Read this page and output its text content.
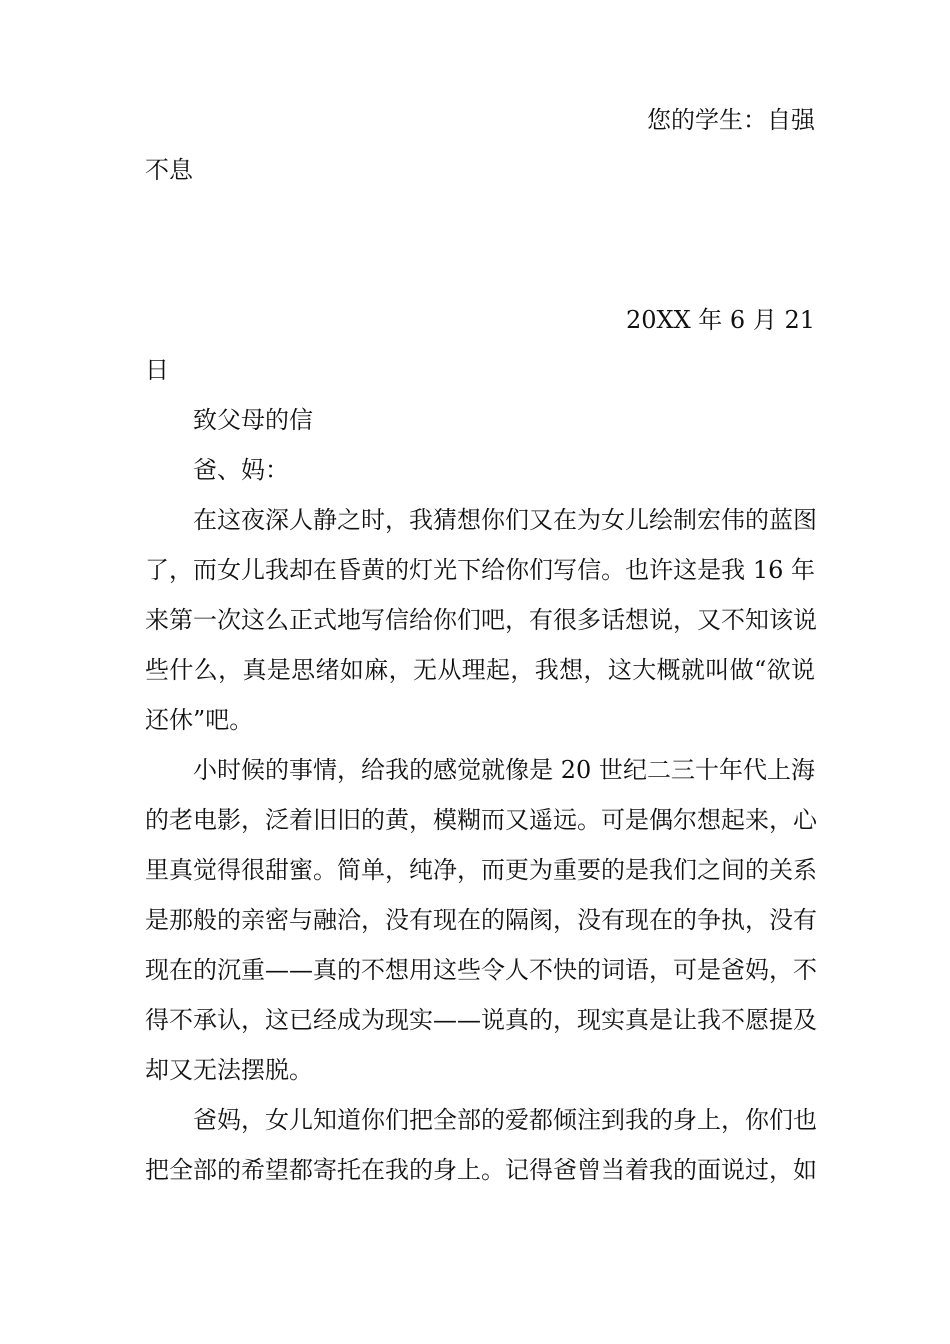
您的学生：自强
不息
20XX 年 6 月 21
日
致父母的信
爸、妈：
在这夜深人静之时，我猜想你们又在为女儿绘制宏伟的蓝图
了，而女儿我却在昏黄的灯光下给你们写信。也许这是我 16 年
来第一次这么正式地写信给你们吧，有很多话想说，又不知该说
些什么，真是思绪如麻，无从理起，我想，这大概就叫做“欲说
还休”吧。
小时候的事情，给我的感觉就像是 20 世纪二三十年代上海
的老电影，泛着旧旧的黄，模糊而又遥远。可是偶尔想起来，心
里真觉得很甜蜜。简单，纯净，而更为重要的是我们之间的关系
是那般的亲密与融洽，没有现在的隔阂，没有现在的争执，没有
现在的沉重——真的不想用这些令人不快的词语，可是爸妈，不
得不承认，这已经成为现实——说真的，现实真是让我不愿提及
却又无法摆脱。
爸妈，女儿知道你们把全部的爱都倾注到我的身上，你们也
把全部的希望都寄托在我的身上。记得爸曾当着我的面说过，如
